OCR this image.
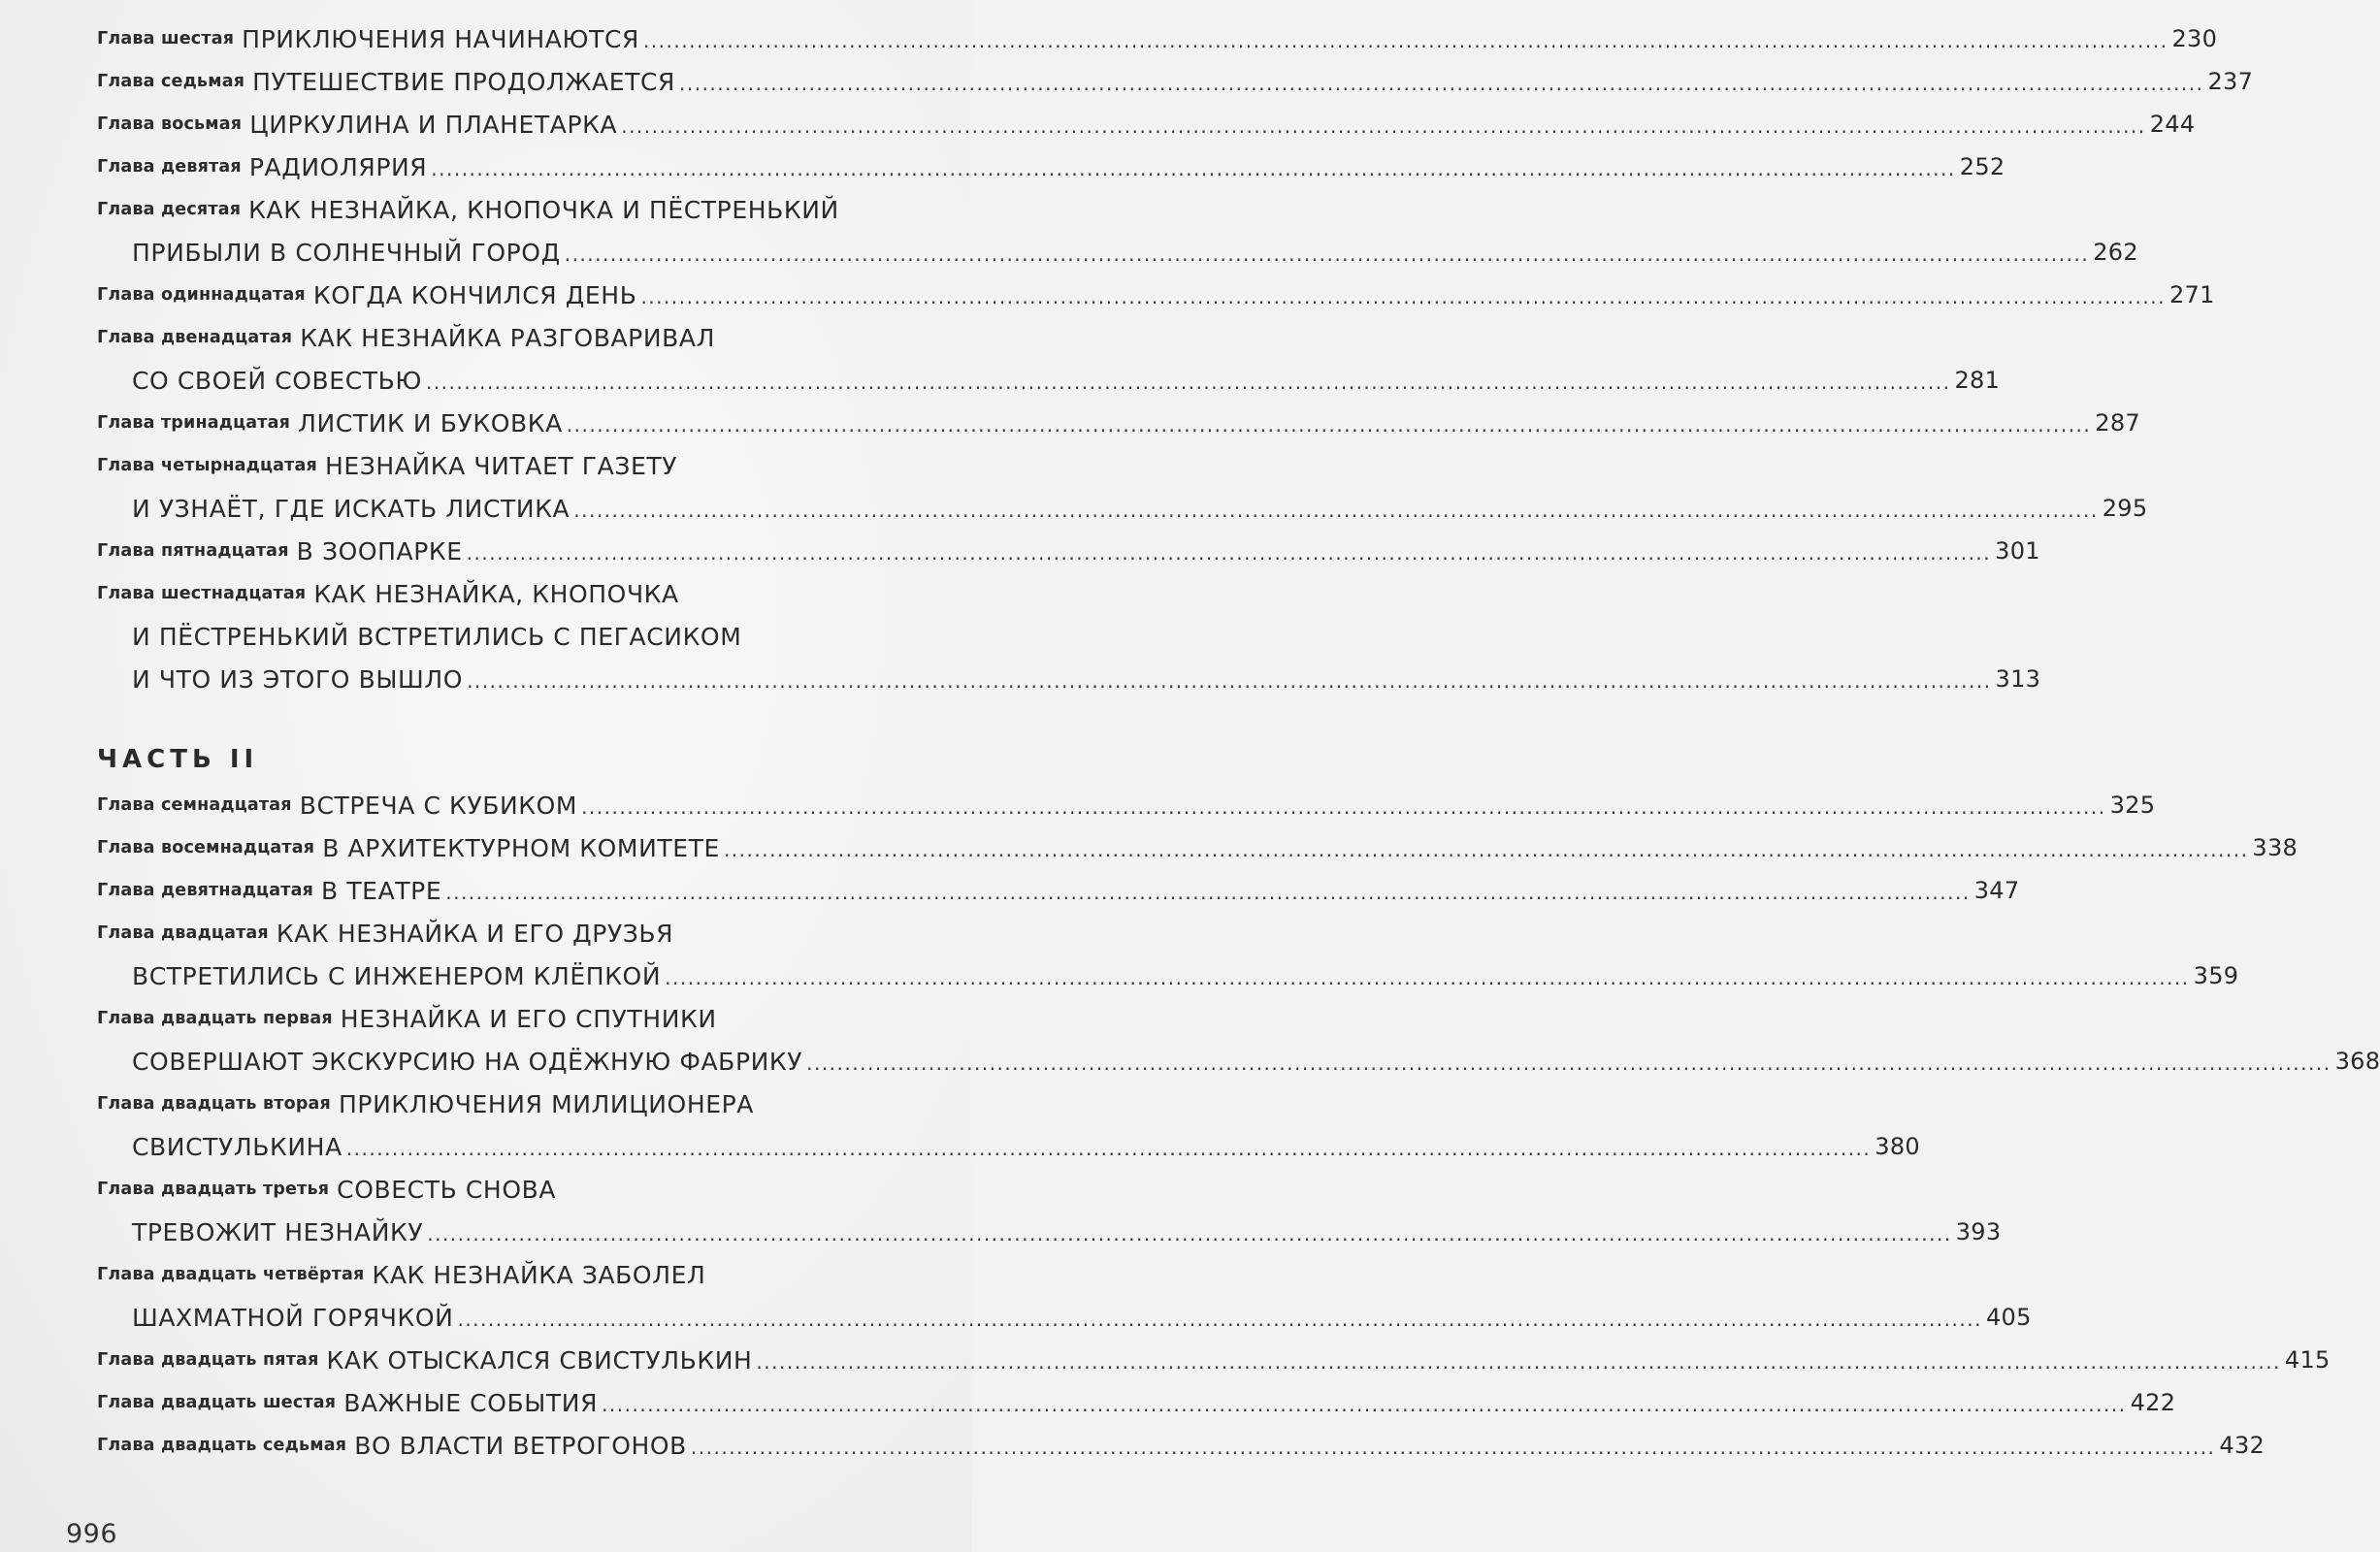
Глава шестая ПРИКЛЮЧЕНИЯ НАЧИНАЮТСЯ ........................................................................................................................................................................................................ 230
Глава седьмая ПУТЕШЕСТВИЕ ПРОДОЛЖАЕТСЯ ........................................................................................................................................................................................................ 237
Глава восьмая ЦИРКУЛИНА И ПЛАНЕТАРКА ........................................................................................................................................................................................................ 244
Глава девятая РАДИОЛЯРИЯ ........................................................................................................................................................................................................ 252
Глава десятая КАК НЕЗНАЙКА, КНОПОЧКА И ПЁСТРЕНЬКИЙ
ПРИБЫЛИ В СОЛНЕЧНЫЙ ГОРОД ........................................................................................................................................................................................................ 262
Глава одиннадцатая КОГДА КОНЧИЛСЯ ДЕНЬ ........................................................................................................................................................................................................ 271
Глава двенадцатая КАК НЕЗНАЙКА РАЗГОВАРИВАЛ
СО СВОЕЙ СОВЕСТЬЮ ........................................................................................................................................................................................................ 281
Глава тринадцатая ЛИСТИК И БУКОВКА ........................................................................................................................................................................................................ 287
Глава четырнадцатая НЕЗНАЙКА ЧИТАЕТ ГАЗЕТУ
И УЗНАЁТ, ГДЕ ИСКАТЬ ЛИСТИКА ........................................................................................................................................................................................................ 295
Глава пятнадцатая В ЗООПАРКЕ ........................................................................................................................................................................................................ 301
Глава шестнадцатая КАК НЕЗНАЙКА, КНОПОЧКА
И ПЁСТРЕНЬКИЙ ВСТРЕТИЛИСЬ С ПЕГАСИКОМ
И ЧТО ИЗ ЭТОГО ВЫШЛО ........................................................................................................................................................................................................ 313
ЧАСТЬ II
Глава семнадцатая ВСТРЕЧА С КУБИКОМ ........................................................................................................................................................................................................ 325
Глава восемнадцатая В АРХИТЕКТУРНОМ КОМИТЕТЕ ........................................................................................................................................................................................................ 338
Глава девятнадцатая В ТЕАТРЕ ........................................................................................................................................................................................................ 347
Глава двадцатая КАК НЕЗНАЙКА И ЕГО ДРУЗЬЯ
ВСТРЕТИЛИСЬ С ИНЖЕНЕРОМ КЛЁПКОЙ ........................................................................................................................................................................................................ 359
Глава двадцать первая НЕЗНАЙКА И ЕГО СПУТНИКИ
СОВЕРШАЮТ ЭКСКУРСИЮ НА ОДЁЖНУЮ ФАБРИКУ ........................................................................................................................................................................................................ 368
Глава двадцать вторая ПРИКЛЮЧЕНИЯ МИЛИЦИОНЕРА
СВИСТУЛЬКИНА ........................................................................................................................................................................................................ 380
Глава двадцать третья СОВЕСТЬ СНОВА
ТРЕВОЖИТ НЕЗНАЙКУ ........................................................................................................................................................................................................ 393
Глава двадцать четвёртая КАК НЕЗНАЙКА ЗАБОЛЕЛ
ШАХМАТНОЙ ГОРЯЧКОЙ ........................................................................................................................................................................................................ 405
Глава двадцать пятая КАК ОТЫСКАЛСЯ СВИСТУЛЬКИН ........................................................................................................................................................................................................ 415
Глава двадцать шестая ВАЖНЫЕ СОБЫТИЯ ........................................................................................................................................................................................................ 422
Глава двадцать седьмая ВО ВЛАСТИ ВЕТРОГОНОВ ........................................................................................................................................................................................................ 432
996
